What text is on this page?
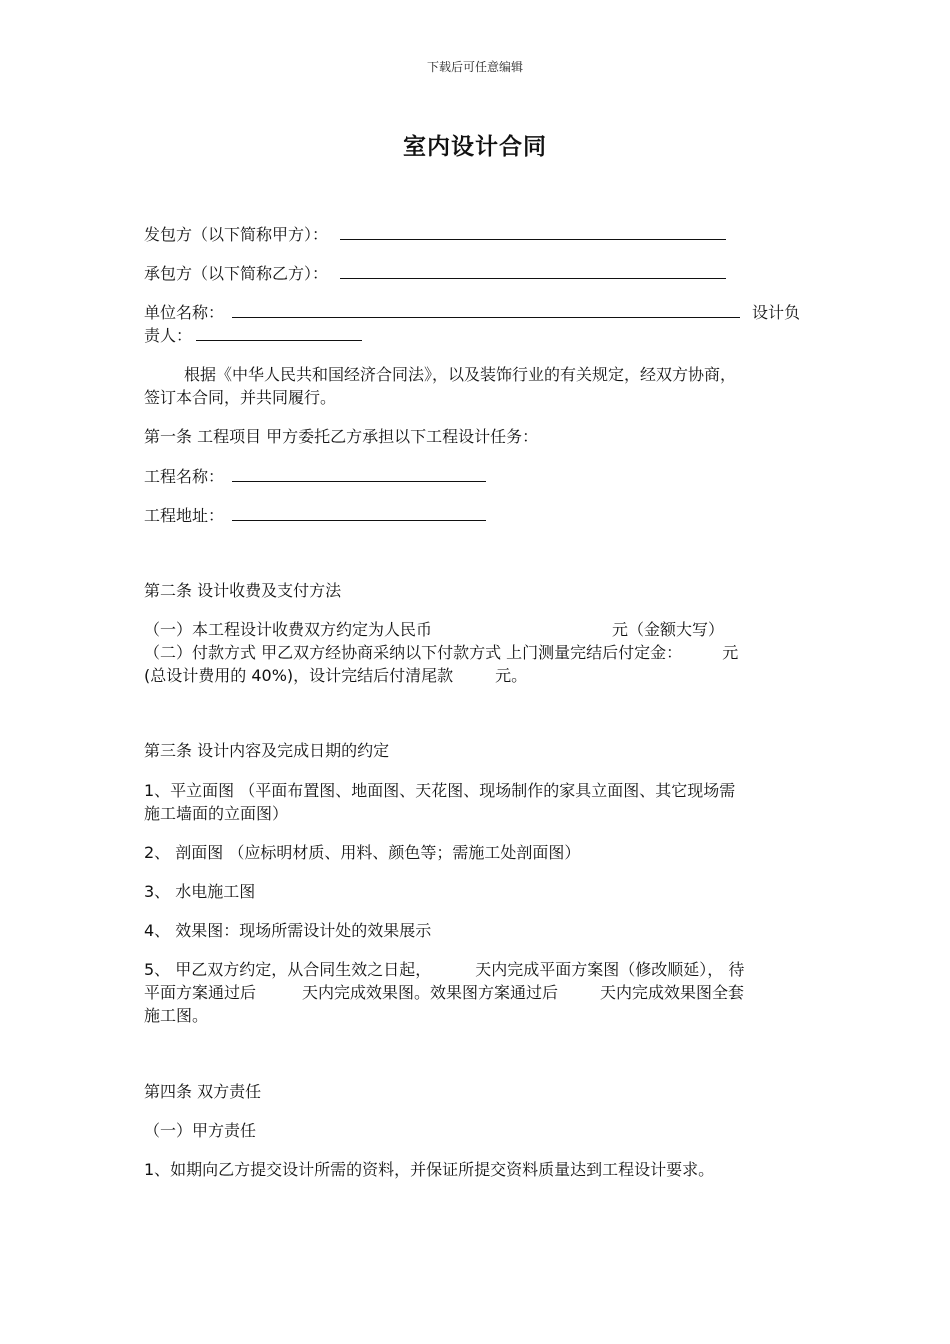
下载后可任意编辑
室内设计合同
发包方（以下简称甲方）：
承包方（以下简称乙方）：
单位名称：	设计负
责人：
根据《中华人民共和国经济合同法》，以及装饰行业的有关规定，经双方协商，
签订本合同，并共同履行。
第一条 工程项目 甲方委托乙方承担以下工程设计任务：
工程名称：
工程地址：
第二条 设计收费及支付方法
（一）本工程设计收费双方约定为人民币	元（金额大写）
（二）付款方式 甲乙双方经协商采纳以下付款方式 上门测量完结后付定金：	元
(总设计费用的 40%)，设计完结后付清尾款	元。
第三条 设计内容及完成日期的约定
1、平立面图 （平面布置图、地面图、天花图、现场制作的家具立面图、其它现场需
施工墙面的立面图）
2、 剖面图 （应标明材质、用料、颜色等；需施工处剖面图）
3、 水电施工图
4、 效果图：现场所需设计处的效果展示
5、 甲乙双方约定，从合同生效之日起，	天内完成平面方案图（修改顺延）， 待
平面方案通过后	天内完成效果图。效果图方案通过后	天内完成效果图全套
施工图。
第四条 双方责任
（一）甲方责任
1、如期向乙方提交设计所需的资料，并保证所提交资料质量达到工程设计要求。
